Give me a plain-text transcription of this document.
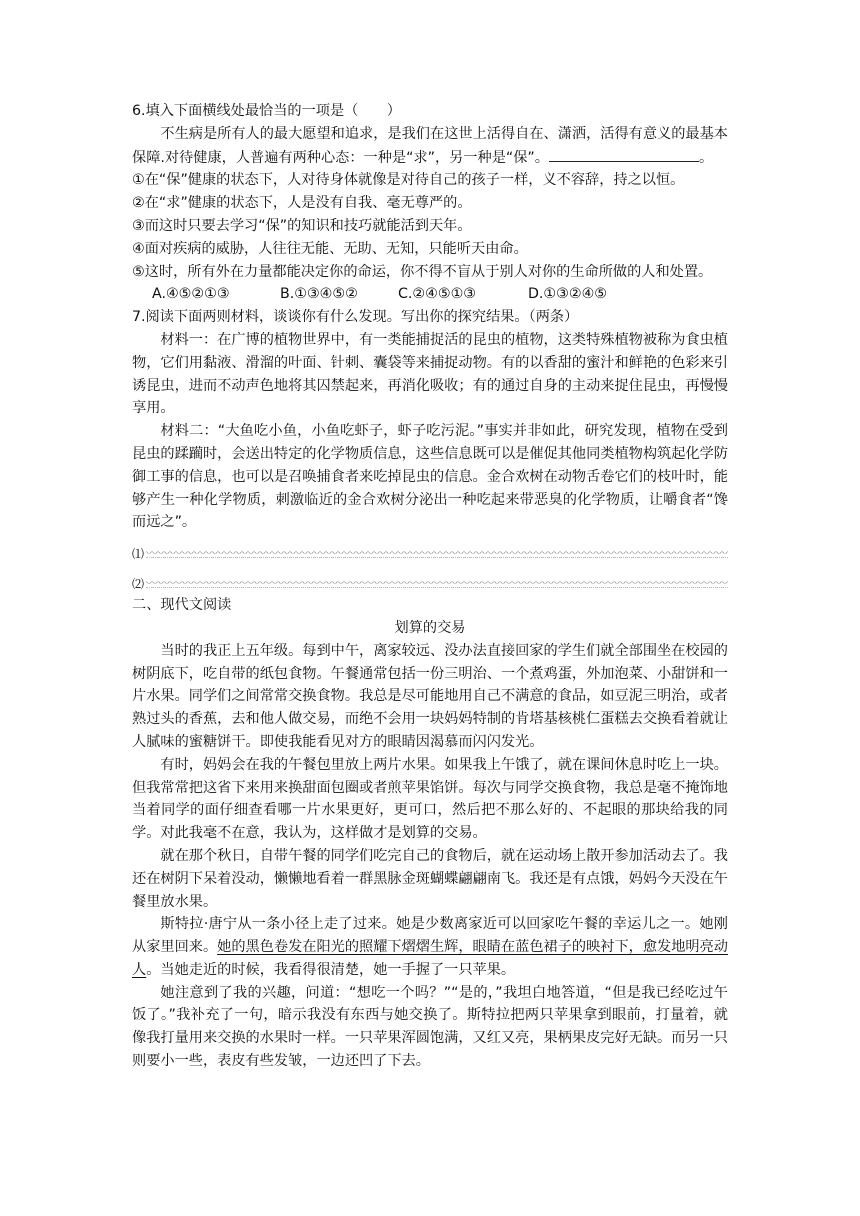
6.填入下面横线处最恰当的一项是（　　）

不生病是所有人的最大愿望和追求，是我们在这世上活得自在、潇洒，活得有意义的最基本保障.对待健康，人普遍有两种心态：一种是“求”，另一种是“保”。	。

①在“保”健康的状态下，人对待身体就像是对待自己的孩子一样，义不容辞，持之以恒。

②在“求”健康的状态下，人是没有自我、毫无尊严的。

③而这时只要去学习“保”的知识和技巧就能活到天年。

④面对疾病的威胁，人往往无能、无助、无知，只能听天由命。

⑤这时，所有外在力量都能决定你的命运，你不得不盲从于别人对你的生命所做的人和处置。

A.④⑤②①③	B.①③④⑤②	C.②④⑤①③	D.①③②④⑤

7.阅读下面两则材料，谈谈你有什么发现。写出你的探究结果。（两条）

材料一：在广博的植物世界中，有一类能捕捉活的昆虫的植物，这类特殊植物被称为食虫植物，它们用黏液、滑溜的叶面、针刺、囊袋等来捕捉动物。有的以香甜的蜜汁和鲜艳的色彩来引诱昆虫，进而不动声色地将其囚禁起来，再消化吸收；有的通过自身的主动来捉住昆虫，再慢慢享用。

材料二：“大鱼吃小鱼，小鱼吃虾子，虾子吃污泥。”事实并非如此，研究发现，植物在受到昆虫的蹂躏时，会送出特定的化学物质信息，这些信息既可以是催促其他同类植物构筑起化学防御工事的信息，也可以是召唤捕食者来吃掉昆虫的信息。金合欢树在动物舌卷它们的枝叶时，能够产生一种化学物质，刺激临近的金合欢树分泌出一种吃起来带恶臭的化学物质，让嚼食者“馋而远之”。

⑴
⑵

二、现代文阅读

划算的交易

当时的我正上五年级。每到中午，离家较远、没办法直接回家的学生们就全部围坐在校园的树阴底下，吃自带的纸包食物。午餐通常包括一份三明治、一个煮鸡蛋，外加泡菜、小甜饼和一片水果。同学们之间常常交换食物。我总是尽可能地用自己不满意的食品，如豆泥三明治，或者熟过头的香蕉，去和他人做交易，而绝不会用一块妈妈特制的肯塔基核桃仁蛋糕去交换看着就让人腻味的蜜糖饼干。即使我能看见对方的眼睛因渴慕而闪闪发光。

有时，妈妈会在我的午餐包里放上两片水果。如果我上午饿了，就在课间休息时吃上一块。但我常常把这省下来用来换甜面包圈或者煎苹果馅饼。每次与同学交换食物，我总是毫不掩饰地当着同学的面仔细查看哪一片水果更好，更可口，然后把不那么好的、不起眼的那块给我的同学。对此我毫不在意，我认为，这样做才是划算的交易。

就在那个秋日，自带午餐的同学们吃完自己的食物后，就在运动场上散开参加活动去了。我还在树阴下呆着没动，懒懒地看着一群黑脉金斑蝴蝶翩翩南飞。我还是有点饿，妈妈今天没在午餐里放水果。

斯特拉·唐宁从一条小径上走了过来。她是少数离家近可以回家吃午餐的幸运儿之一。她刚从家里回来。她的黑色卷发在阳光的照耀下熠熠生辉，眼睛在蓝色裙子的映衬下，愈发地明亮动人。当她走近的时候，我看得很清楚，她一手握了一只苹果。

她注意到了我的兴趣，问道：“想吃一个吗？”“是的，”我坦白地答道，“但是我已经吃过午饭了。”我补充了一句，暗示我没有东西与她交换了。斯特拉把两只苹果拿到眼前，打量着，就像我打量用来交换的水果时一样。一只苹果浑圆饱满，又红又亮，果柄果皮完好无缺。而另一只则要小一些，表皮有些发皱，一边还凹了下去。
